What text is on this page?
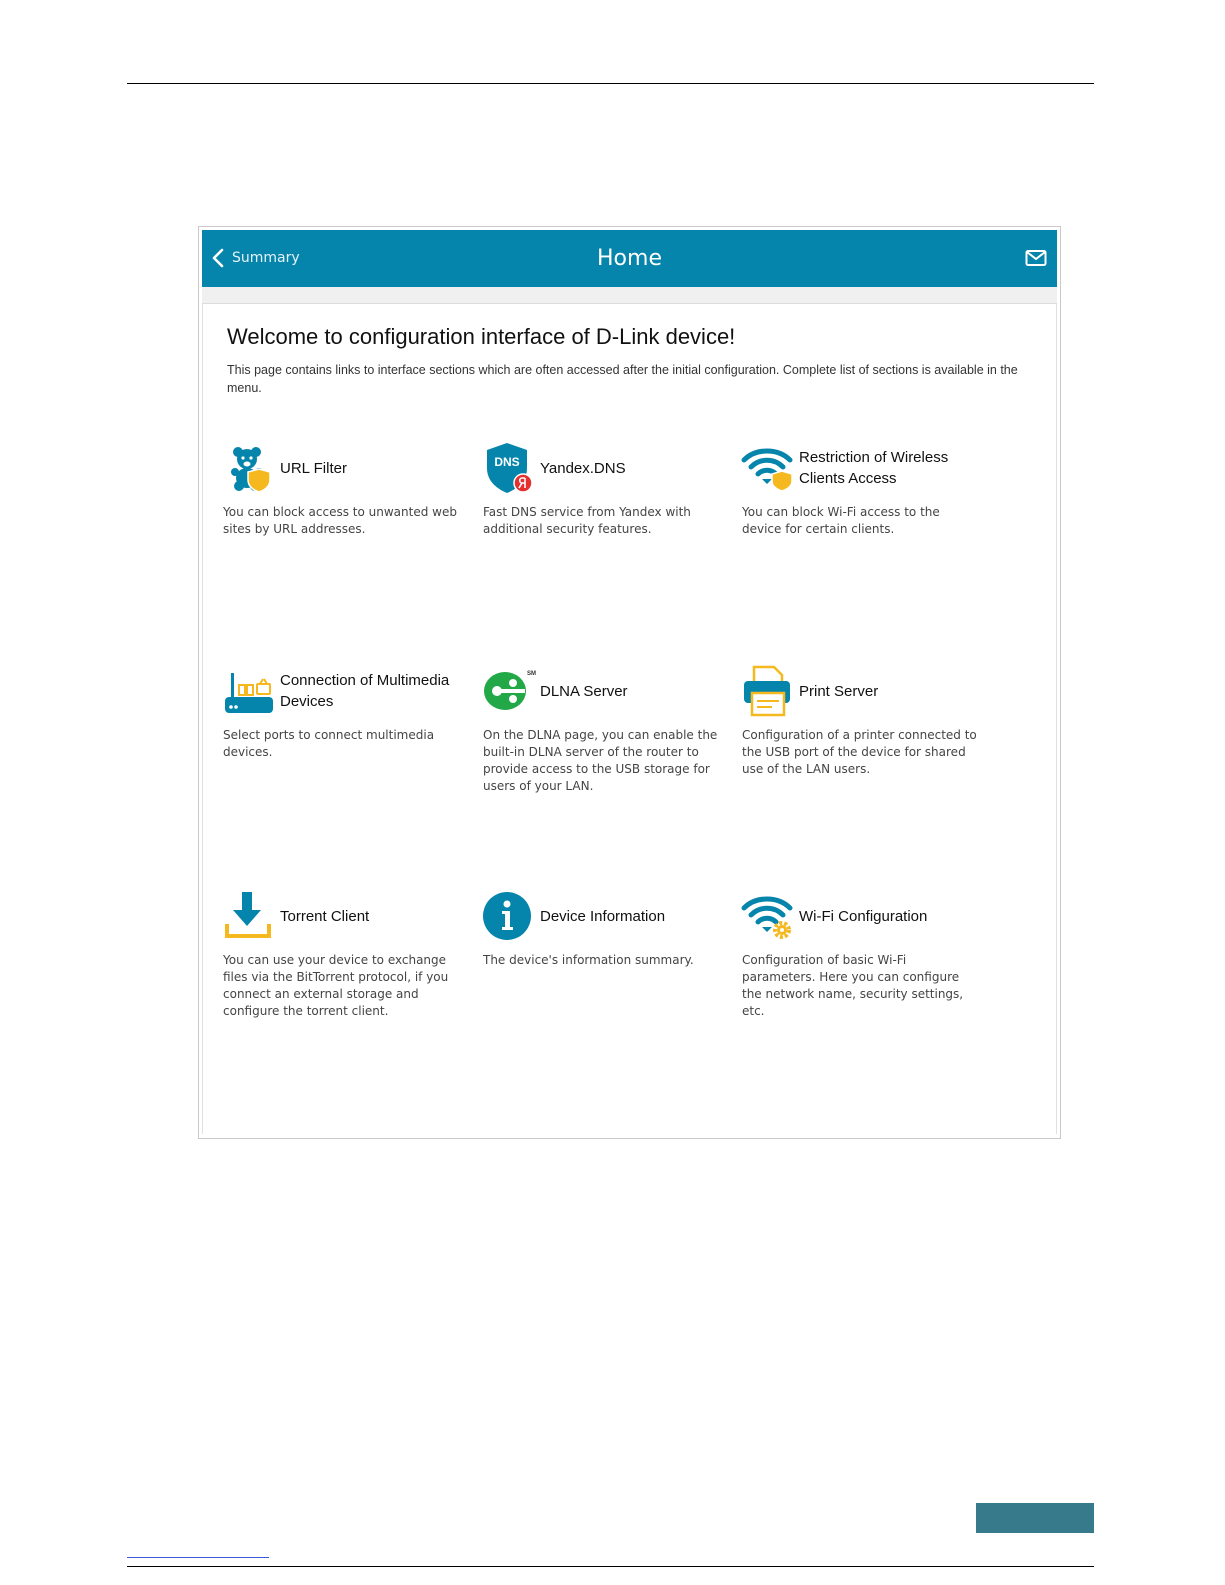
Summary	Home
Welcome to configuration interface of D-Link device!
This page contains links to interface sections which are often accessed after the initial configuration. Complete list of sections is available in the menu.
URL Filter
You can block access to unwanted web sites by URL addresses.
DNS Yandex.DNS
Fast DNS service from Yandex with additional security features.
Restriction of Wireless Clients Access
You can block Wi-Fi access to the device for certain clients.
Connection of Multimedia Devices
Select ports to connect multimedia devices.
SM
DLNA Server
On the DLNA page, you can enable the built-in DLNA server of the router to provide access to the USB storage for users of your LAN.
Print Server
Configuration of a printer connected to the USB port of the device for shared use of the LAN users.
Torrent Client
You can use your device to exchange files via the BitTorrent protocol, if you connect an external storage and configure the torrent client.
Device Information
The device's information summary.
Wi-Fi Configuration
Configuration of basic Wi-Fi parameters. Here you can configure the network name, security settings, etc.
